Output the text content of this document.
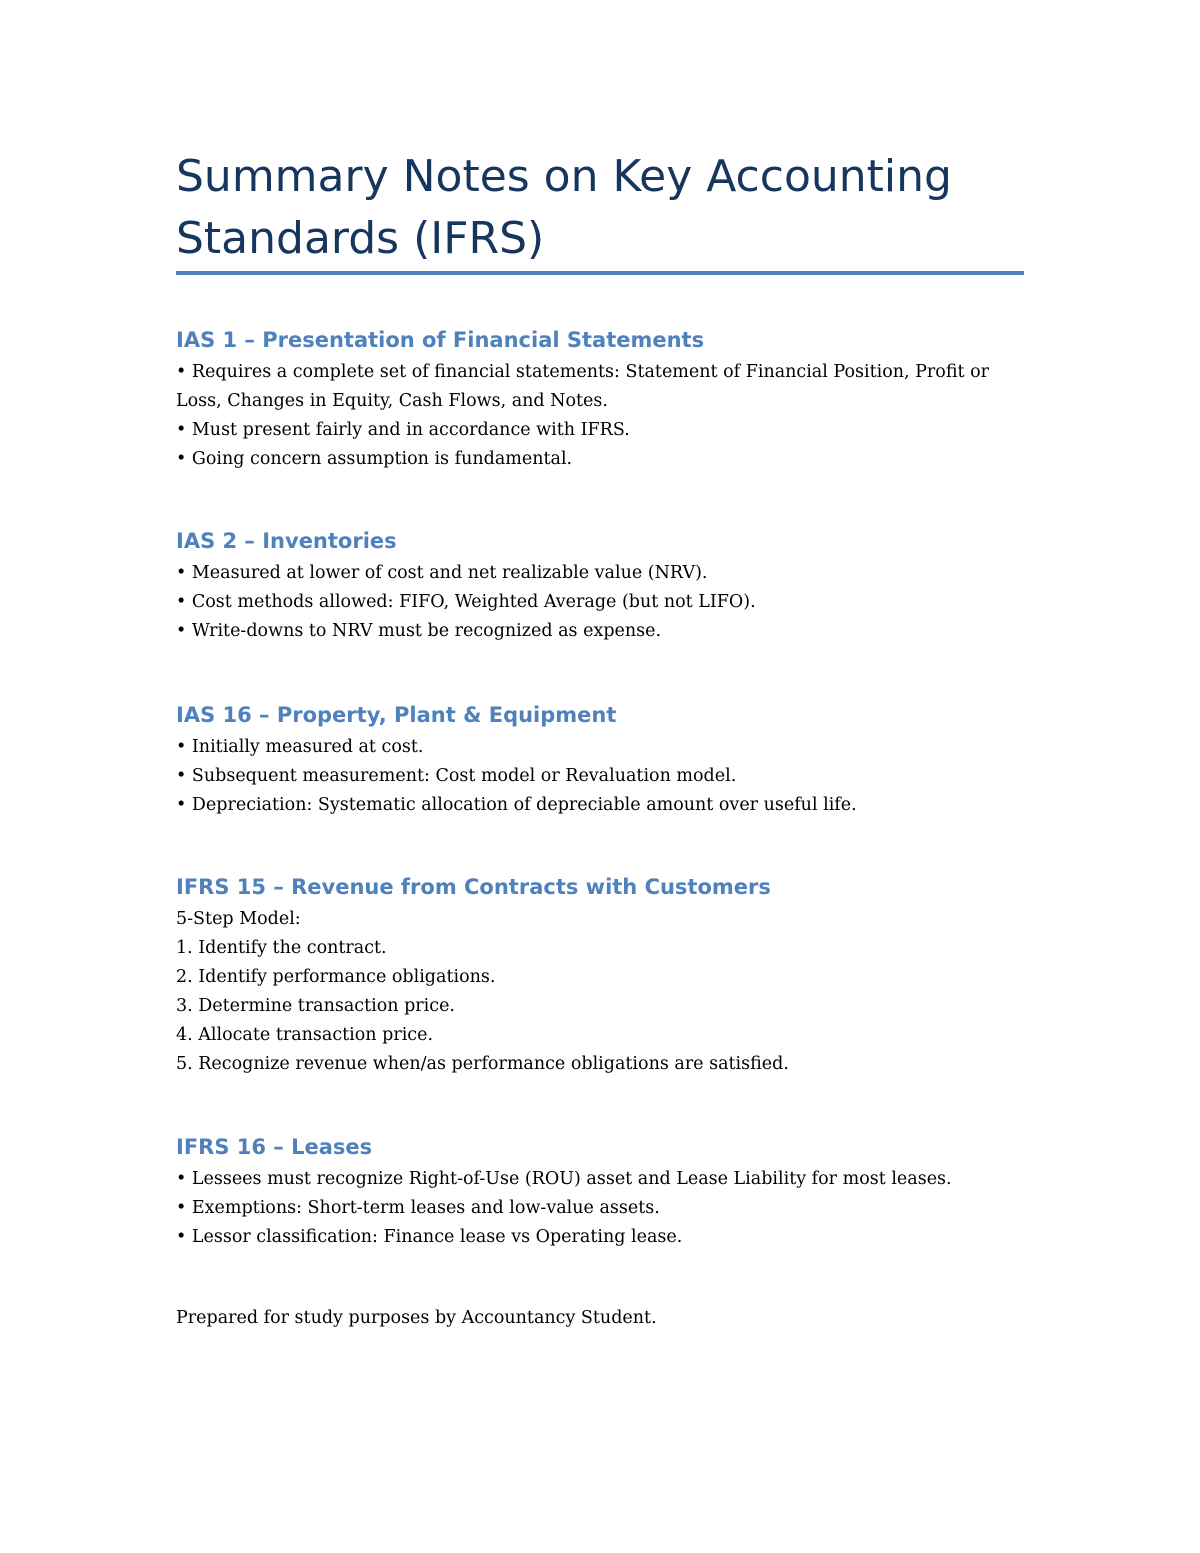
Summary Notes on Key Accounting Standards (IFRS)
IAS 1 – Presentation of Financial Statements

• Requires a complete set of financial statements: Statement of Financial Position, Profit or Loss, Changes in Equity, Cash Flows, and Notes.

• Must present fairly and in accordance with IFRS.

• Going concern assumption is fundamental.

IAS 2 – Inventories

• Measured at lower of cost and net realizable value (NRV).

• Cost methods allowed: FIFO, Weighted Average (but not LIFO).

• Write-downs to NRV must be recognized as expense.

IAS 16 – Property, Plant & Equipment

• Initially measured at cost.

• Subsequent measurement: Cost model or Revaluation model.

• Depreciation: Systematic allocation of depreciable amount over useful life.

IFRS 15 – Revenue from Contracts with Customers

5-Step Model:

1. Identify the contract.

2. Identify performance obligations.

3. Determine transaction price.

4. Allocate transaction price.

5. Recognize revenue when/as performance obligations are satisfied.

IFRS 16 – Leases

• Lessees must recognize Right-of-Use (ROU) asset and Lease Liability for most leases.

• Exemptions: Short-term leases and low-value assets.

• Lessor classification: Finance lease vs Operating lease.

Prepared for study purposes by Accountancy Student.
